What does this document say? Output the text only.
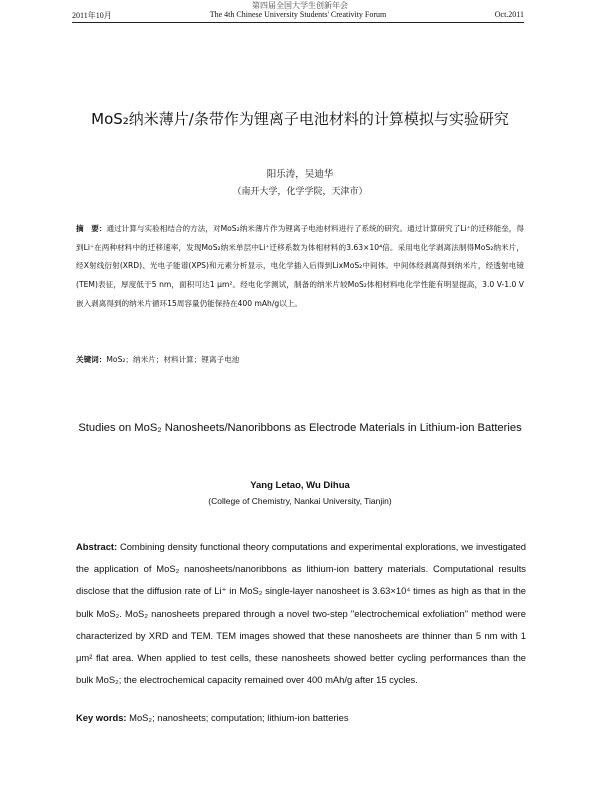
第四届全国大学生创新年会
2011年10月	The 4th Chinese University Students' Creativity Forum	Oct.2011
MoS₂纳米薄片/条带作为锂离子电池材料的计算模拟与实验研究
阳乐涛，吴迪华
（南开大学，化学学院，天津市）
摘　要：通过计算与实验相结合的方法，对MoS₂纳米薄片作为锂离子电池材料进行了系统的研究。通过计算研究了Li⁺的迁移能垒，得到Li⁺在两种材料中的迁移速率，发现MoS₂纳米单层中Li⁺迁移系数为体相材料的3.63×10⁴倍。采用电化学剥离法制得MoS₂纳米片，经X射线衍射(XRD)、光电子能谱(XPS)和元素分析显示，电化学插入后得到LixMoS₂中间体。中间体经剥离得到纳米片，经透射电镜(TEM)表征，厚度低于5 nm，面积可达1 μm²。经电化学测试，制备的纳米片较MoS₂体相材料电化学性能有明显提高，3.0 V-1.0 V嵌入剥离得到的纳米片循环15周容量仍能保持在400 mAh/g以上。
关键词：MoS₂；纳米片；材料计算；锂离子电池
Studies on MoS₂ Nanosheets/Nanoribbons as Electrode Materials in Lithium-ion Batteries
Yang Letao, Wu Dihua
(College of Chemistry, Nankai University, Tianjin)
Abstract: Combining density functional theory computations and experimental explorations, we investigated the application of MoS₂ nanosheets/nanoribbons as lithium-ion battery materials. Computational results disclose that the diffusion rate of Li⁺ in MoS₂ single-layer nanosheet is 3.63×10⁴ times as high as that in the bulk MoS₂. MoS₂ nanosheets prepared through a novel two-step "electrochemical exfoliation" method were characterized by XRD and TEM. TEM images showed that these nanosheets are thinner than 5 nm with 1 μm² flat area. When applied to test cells, these nanosheets showed better cycling performances than the bulk MoS₂; the electrochemical capacity remained over 400 mAh/g after 15 cycles.
Key words: MoS₂; nanosheets; computation; lithium-ion batteries
